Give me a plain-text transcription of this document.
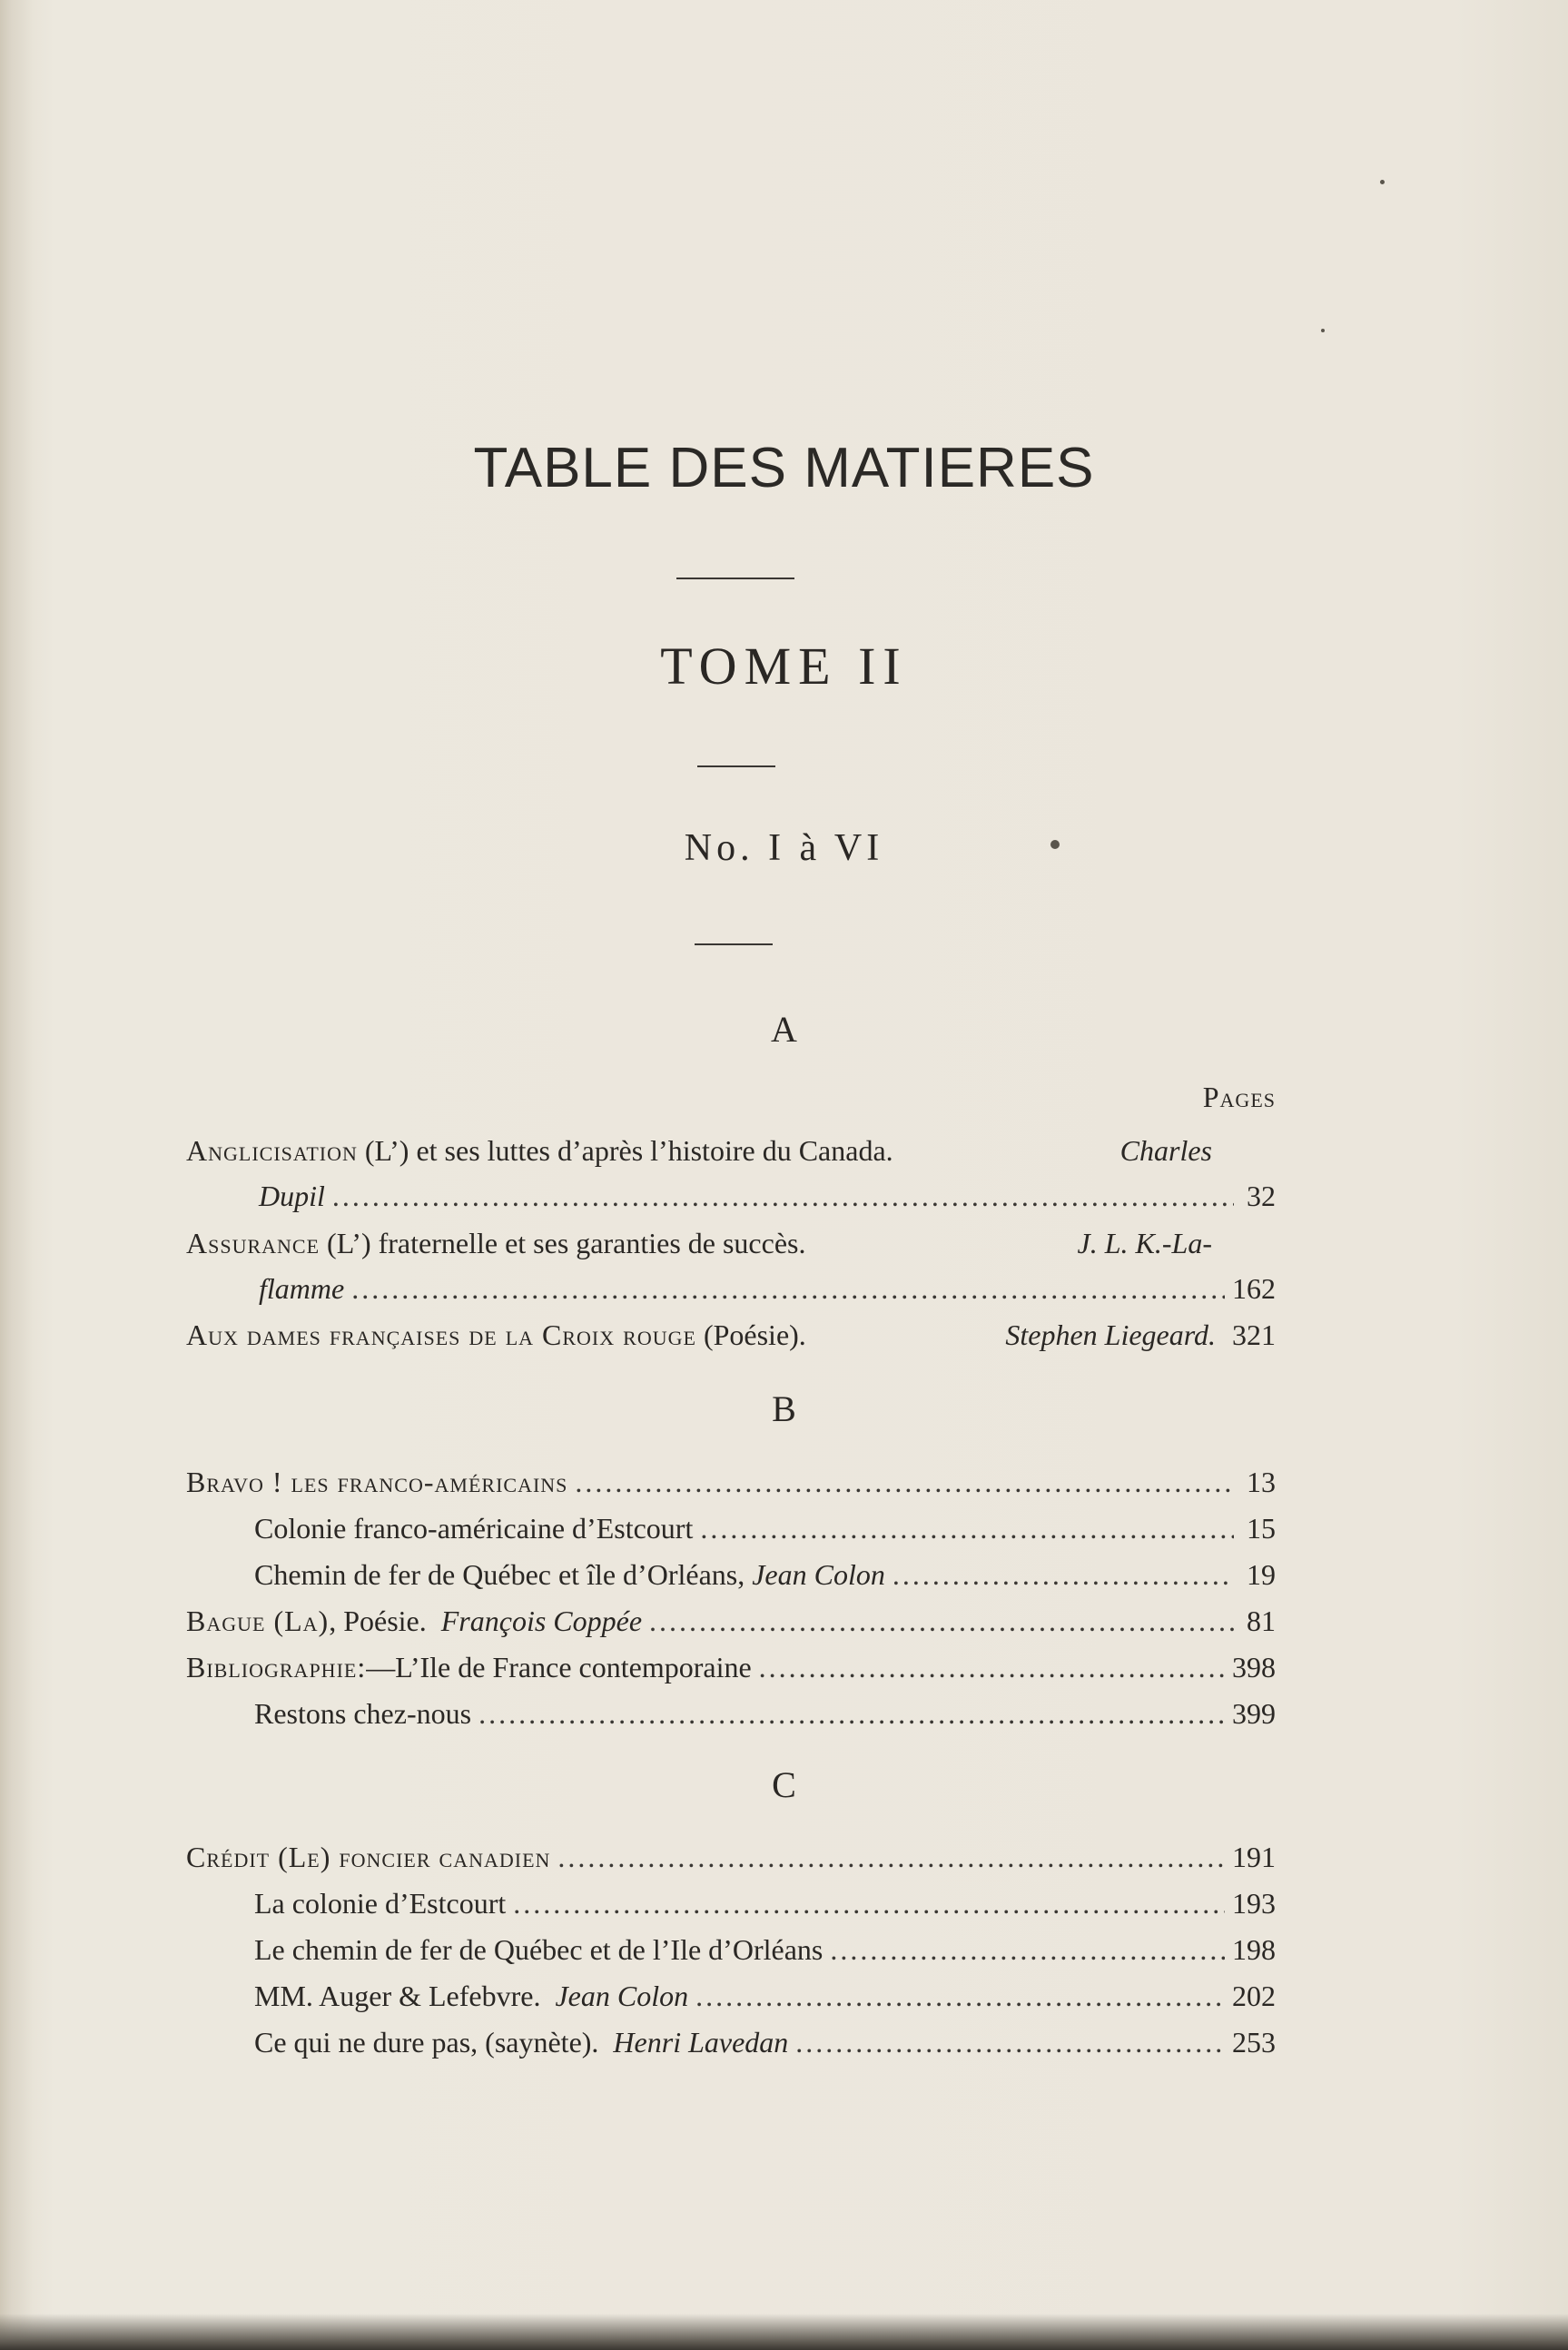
TABLE DES MATIERES
TOME II
No. I à VI
A
Pages
Anglicisation (L’) et ses luttes d’après l’histoire du Canada.	Charles
Dupil .....	32
Assurance (L’) fraternelle et ses garanties de succès.	J. L. K.-La-
flamme .....	162
Aux dames françaises de la Croix rouge (Poésie).	Stephen Liegeard. 321
B
Bravo ! les franco-américains .....	13
Colonie franco-américaine d’Estcourt .....	15
Chemin de fer de Québec et île d’Orléans, Jean Colon .....	19
Bague (La), Poésie. François Coppée .....	81
Bibliographie:—L’Ile de France contemporaine .....	398
Restons chez-nous .....	399
C
Crédit (Le) foncier canadien .....	191
La colonie d’Estcourt .....	193
Le chemin de fer de Québec et de l’Ile d’Orléans .....	198
MM. Auger & Lefebvre. Jean Colon .....	202
Ce qui ne dure pas, (saynète). Henri Lavedan .....	253
